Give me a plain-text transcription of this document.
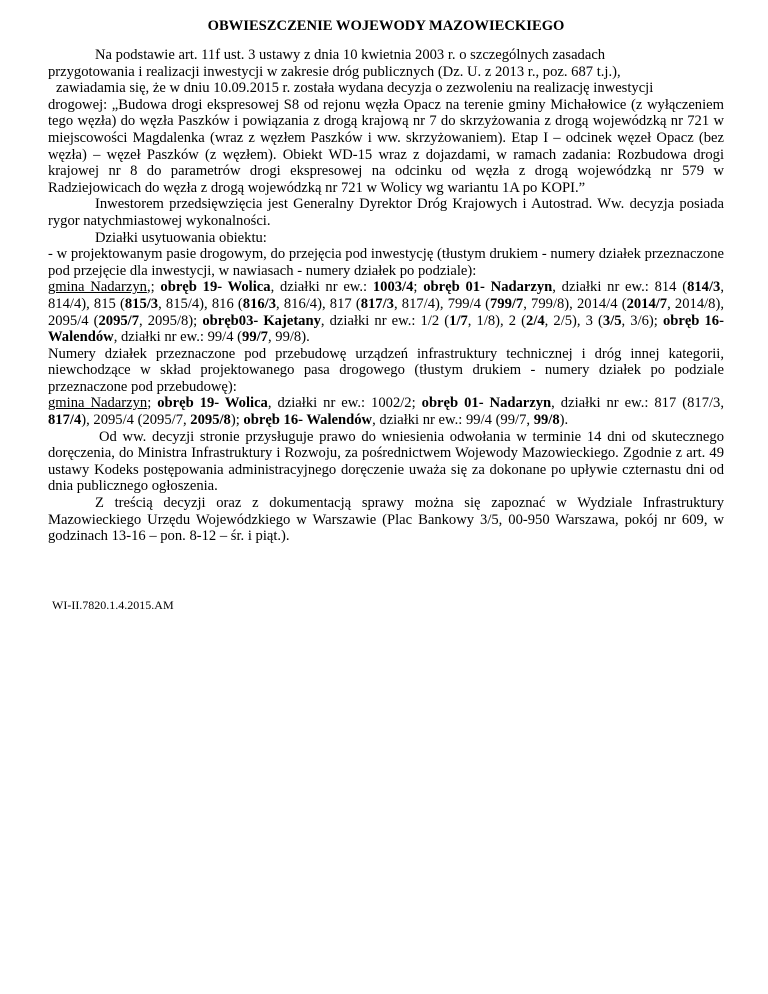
OBWIESZCZENIE WOJEWODY MAZOWIECKIEGO

Na podstawie art. 11f ust. 3 ustawy z dnia 10 kwietnia 2003 r. o szczególnych zasadach

przygotowania i realizacji inwestycji w zakresie dróg publicznych (Dz. U. z 2013 r., poz. 687 t.j.),

zawiadamia się, że w dniu 10.09.2015 r. została wydana decyzja o zezwoleniu na realizację inwestycji

drogowej: „Budowa drogi ekspresowej S8 od rejonu węzła Opacz na terenie gminy Michałowice (z wyłączeniem tego węzła) do węzła Paszków i powiązania z drogą krajową nr 7 do skrzyżowania z drogą wojewódzką nr 721 w miejscowości Magdalenka (wraz z węzłem Paszków i ww. skrzyżowaniem). Etap I – odcinek węzeł Opacz (bez węzła) – węzeł Paszków (z węzłem). Obiekt WD-15 wraz z dojazdami, w ramach zadania: Rozbudowa drogi krajowej nr 8 do parametrów drogi ekspresowej na odcinku od węzła z drogą wojewódzką nr 579 w Radziejowicach do węzła z drogą wojewódzką nr 721 w Wolicy wg wariantu 1A po KOPI.”

Inwestorem przedsięwzięcia jest Generalny Dyrektor Dróg Krajowych i Autostrad. Ww. decyzja posiada rygor natychmiastowej wykonalności.

Działki usytuowania obiektu:

- w projektowanym pasie drogowym, do przejęcia pod inwestycję (tłustym drukiem - numery działek przeznaczone pod przejęcie dla inwestycji, w nawiasach - numery działek po podziale):

gmina Nadarzyn,; obręb 19- Wolica, działki nr ew.: 1003/4; obręb 01- Nadarzyn, działki nr ew.: 814 (814/3, 814/4), 815 (815/3, 815/4), 816 (816/3, 816/4), 817 (817/3, 817/4), 799/4 (799/7, 799/8), 2014/4 (2014/7, 2014/8), 2095/4 (2095/7, 2095/8); obręb03- Kajetany, działki nr ew.: 1/2 (1/7, 1/8), 2 (2/4, 2/5), 3 (3/5, 3/6); obręb 16- Walendów, działki nr ew.: 99/4 (99/7, 99/8).

Numery działek przeznaczone pod przebudowę urządzeń infrastruktury technicznej i dróg innej kategorii, niewchodzące w skład projektowanego pasa drogowego (tłustym drukiem - numery działek po podziale przeznaczone pod przebudowę):

gmina Nadarzyn; obręb 19- Wolica, działki nr ew.: 1002/2; obręb 01- Nadarzyn, działki nr ew.: 817 (817/3, 817/4), 2095/4 (2095/7, 2095/8); obręb 16- Walendów, działki nr ew.: 99/4 (99/7, 99/8).

Od ww. decyzji stronie przysługuje prawo do wniesienia odwołania w terminie 14 dni od skutecznego doręczenia, do Ministra Infrastruktury i Rozwoju, za pośrednictwem Wojewody Mazowieckiego. Zgodnie z art. 49 ustawy Kodeks postępowania administracyjnego doręczenie uważa się za dokonane po upływie czternastu dni od dnia publicznego ogłoszenia.

Z treścią decyzji oraz z dokumentacją sprawy można się zapoznać w Wydziale Infrastruktury Mazowieckiego Urzędu Wojewódzkiego w Warszawie (Plac Bankowy 3/5, 00-950 Warszawa, pokój nr 609, w godzinach 13-16 – pon. 8-12 – śr. i piąt.).

WI-II.7820.1.4.2015.AM
